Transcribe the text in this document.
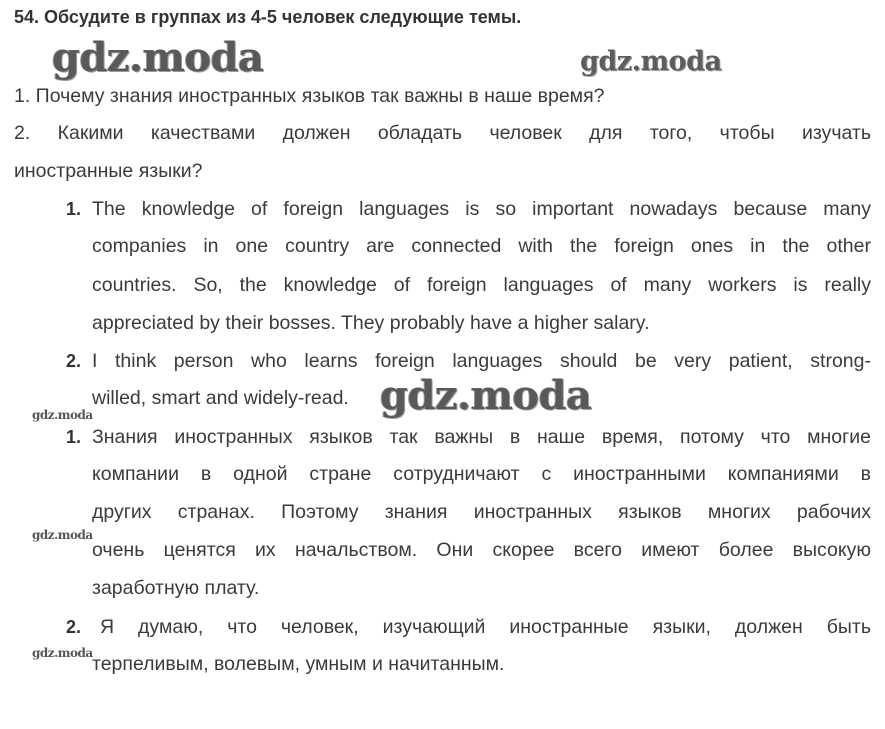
54. Обсудите в группах из 4-5 человек следующие темы.
gdz.moda	gdz.moda
gdz.moda
gdz.moda
gdz.moda
gdz.moda
1. Почему знания иностранных языков так важны в наше время?
2. Какими качествами должен обладать человек для того, чтобы изучать
иностранные языки?
1. The knowledge of foreign languages is so important nowadays because many
companies in one country are connected with the foreign ones in the other
countries. So, the knowledge of foreign languages of many workers is really
appreciated by their bosses. They probably have a higher salary.
2. I think person who learns foreign languages should be very patient, strong-
willed, smart and widely-read.
1. Знания иностранных языков так важны в наше время, потому что многие
компании в одной стране сотрудничают с иностранными компаниями в
других странах. Поэтому знания иностранных языков многих рабочих
очень ценятся их начальством. Они скорее всего имеют более высокую
заработную плату.
2. Я думаю, что человек, изучающий иностранные языки, должен быть
терпеливым, волевым, умным и начитанным.
